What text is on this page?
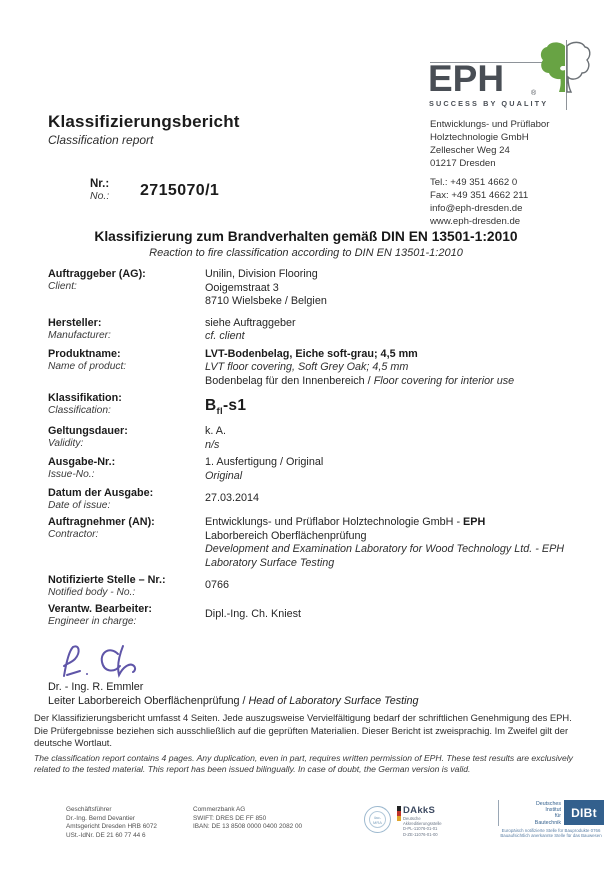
Klassifizierungsbericht
Classification report
Nr.:
No.: 2715070/1
EPH	®
SUCCESS BY QUALITY
Entwicklungs- und Prüflabor
Holztechnologie GmbH
Zellescher Weg 24
01217 Dresden
Tel.: +49 351 4662 0
Fax: +49 351 4662 211
info@eph-dresden.de
www.eph-dresden.de
Klassifizierung zum Brandverhalten gemäß DIN EN 13501-1:2010
Reaction to fire classification according to DIN EN 13501-1:2010
Auftraggeber (AG):
Client:
Unilin, Division Flooring
Ooigemstraat 3
8710 Wielsbeke / Belgien
Hersteller:
Manufacturer:
siehe Auftraggeber
cf. client
Produktname:
Name of product:
LVT-Bodenbelag, Eiche soft-grau; 4,5 mm
LVT floor covering, Soft Grey Oak; 4,5 mm
Bodenbelag für den Innenbereich / Floor covering for interior use
Klassifikation:
Classification:	$B_{fl}-s1$
Geltungsdauer:
Validity:
k. A.
n/s
Ausgabe-Nr.:
Issue-No.:
1. Ausfertigung / Original
Original
Datum der Ausgabe:
Date of issue:
27.03.2014
Auftragnehmer (AN):
Contractor:
Entwicklungs- und Prüflabor Holztechnologie GmbH - EPH
Laborbereich Oberflächenprüfung
Development and Examination Laboratory for Wood Technology Ltd. - EPH
Laboratory Surface Testing
Notifizierte Stelle – Nr.:
Notified body - No.:
0766
Verantw. Bearbeiter:
Engineer in charge:
Dipl.-Ing. Ch. Kniest
Dr. - Ing. R. Emmler
Leiter Laborbereich Oberflächenprüfung / Head of Laboratory Surface Testing
Der Klassifizierungsbericht umfasst 4 Seiten. Jede auszugsweise Vervielfältigung bedarf der schriftlichen Genehmigung des EPH. Die Prüfergebnisse beziehen sich ausschließlich auf die geprüften Materialien. Dieser Bericht ist zweisprachig. Im Zweifel gilt der deutsche Wortlaut.
The classification report contains 4 pages. Any duplication, even in part, requires written permission of EPH. These test results are exclusively related to the tested material. This report has been issued bilingually. In case of doubt, the German version is valid.
Geschäftsführer
Dr.-Ing. Bernd Devantier
Amtsgericht Dresden HRB 6072
USt.-IdNr. DE 21 60 77 44 6
Commerzbank AG
SWIFT: DRES DE FF 850
IBAN: DE 13 8508 0000 0400 2082 00
ilac-MRA
DAkkS
Deutsche
Akkreditierungsstelle
D-PL-11076-01-01
D-ZE-11076-01-00
Deutsches
Institut
für
Bautechnik
DIBt
Europäisch notifizierte Stelle für Bauprodukte 0766
Bauaufsichtlich anerkannte Stelle für das Bauwesen
